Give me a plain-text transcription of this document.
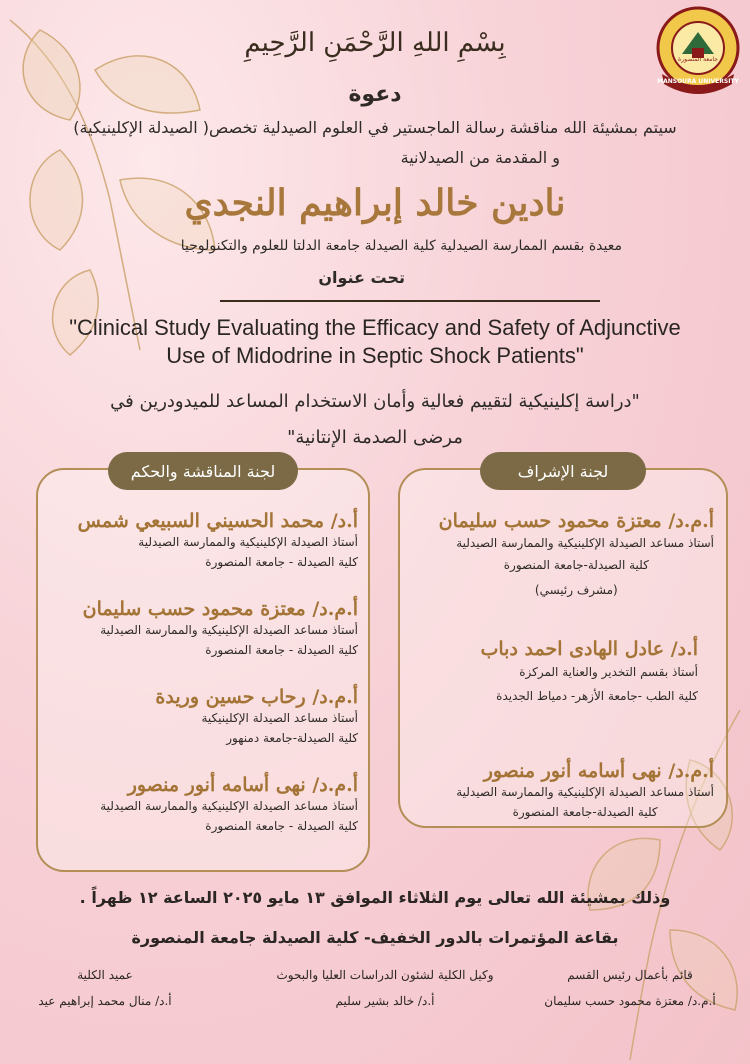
جامعة المنصورة
MANSOURA UNIVERSITY
بِسْمِ اللهِ الرَّحْمَنِ الرَّحِيمِ
دعوة
سيتم بمشيئة الله مناقشة رسالة الماجستير في العلوم الصيدلية تخصص( الصيدلة الإكلينيكية)
و المقدمة من الصيدلانية
نادين خالد إبراهيم النجدي
معيدة بقسم الممارسة الصيدلية كلية الصيدلة جامعة الدلتا للعلوم والتكنولوجيا
تحت عنوان
"Clinical Study Evaluating the Efficacy and Safety of Adjunctive
Use of Midodrine in Septic Shock Patients"
"دراسة إكلينيكية لتقييم فعالية وأمان الاستخدام المساعد للميدودرين في
مرضى الصدمة الإنتانية"
لجنة المناقشة والحكم
أ.د/ محمد الحسيني السبيعي شمس
أستاذ الصيدلة الإكلينيكية والممارسة الصيدلية
كلية الصيدلة - جامعة المنصورة
أ.م.د/ معتزة محمود حسب سليمان
أستاذ مساعد الصيدلة الإكلينيكية والممارسة الصيدلية
كلية الصيدلة - جامعة المنصورة
أ.م.د/ رحاب حسين وريدة
أستاذ مساعد الصيدلة الإكلينيكية
كلية الصيدلة-جامعة دمنهور
أ.م.د/ نهى أسامه أنور منصور
أستاذ مساعد الصيدلة الإكلينيكية والممارسة الصيدلية
كلية الصيدلة - جامعة المنصورة
لجنة الإشراف
أ.م.د/ معتزة محمود حسب سليمان
أستاذ مساعد الصيدلة الإكلينيكية والممارسة الصيدلية
كلية الصيدلة-جامعة المنصورة
(مشرف رئيسي)
أ.د/ عادل الهادى احمد دباب
أستاذ بقسم التخدير والعناية المركزة
كلية الطب -جامعة الأزهر- دمياط الجديدة
أ.م.د/ نهى أسامه أنور منصور
أستاذ مساعد الصيدلة الإكلينيكية والممارسة الصيدلية
كلية الصيدلة-جامعة المنصورة
وذلك بمشيئة الله تعالى يوم الثلاثاء الموافق ١٣ مايو ٢٠٢٥ الساعة ١٢ ظهراً .
بقاعة المؤتمرات بالدور الخفيف- كلية الصيدلة جامعة المنصورة
عميد الكلية
أ.د/ منال محمد إبراهيم عيد
وكيل الكلية لشئون الدراسات العليا والبحوث
أ.د/ خالد بشير سليم
قائم بأعمال رئيس القسم
أ.م.د/ معتزة محمود حسب سليمان
